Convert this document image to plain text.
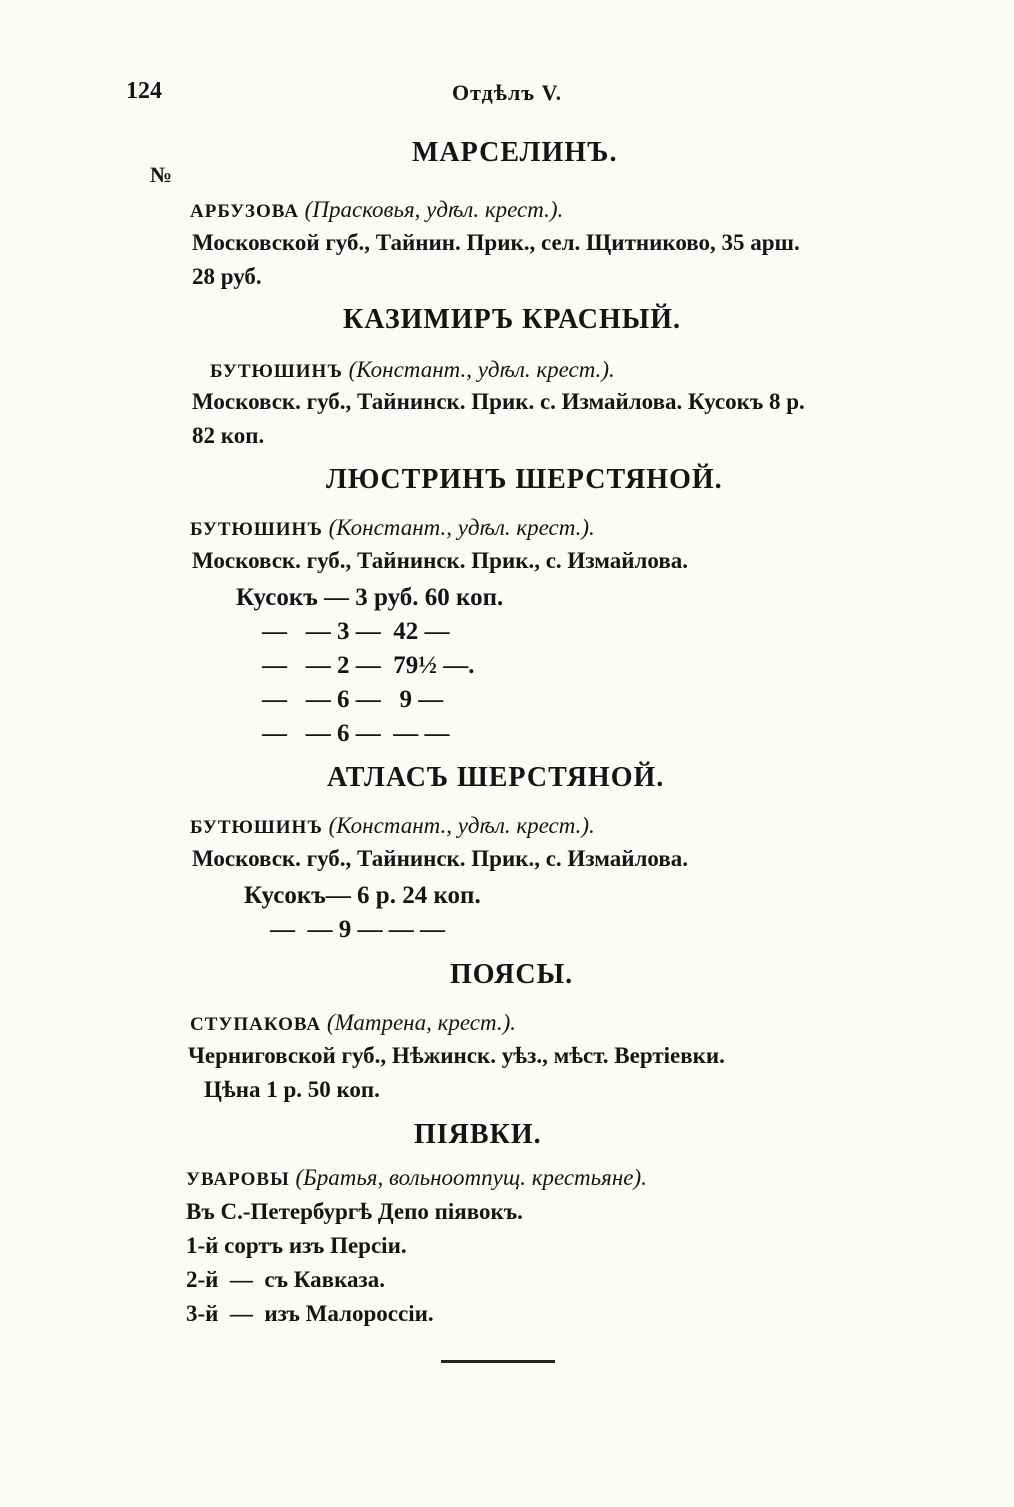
124	Отдѣлъ V.
№
МАРСЕЛИНЪ.
АРБУЗОВА (Прасковья, удѣл. крест.).
Московской губ., Тайнин. Прик., сел. Щитниково, 35 арш.
28 руб.
КАЗИМИРЪ КРАСНЫЙ.
БУТЮШИНЪ (Констант., удѣл. крест.).
Московск. губ., Тайнинск. Прик. с. Измайлова. Кусокъ 8 р.
82 коп.
ЛЮСТРИНЪ ШЕРСТЯНОЙ.
БУТЮШИНЪ (Констант., удѣл. крест.).
Московск. губ., Тайнинск. Прик., с. Измайлова.
Кусокъ — 3 руб. 60 коп.
—   — 3 —  42 —
—   — 2 —  79½ —.
—   — 6 —   9 —
—   — 6 —  — —
АТЛАСЪ ШЕРСТЯНОЙ.
БУТЮШИНЪ (Констант., удѣл. крест.).
Московск. губ., Тайнинск. Прик., с. Измайлова.
Кусокъ— 6 р. 24 коп.
—  — 9 — — —
ПОЯСЫ.
СТУПАКОВА (Матрена, крест.).
Черниговской губ., Нѣжинск. уѣз., мѣст. Вертіевки.
Цѣна 1 р. 50 коп.
ПІЯВКИ.
УВАРОВЫ (Братья, вольноотпущ. крестьяне).
Въ С.-Петербургѣ Депо піявокъ.
1-й сортъ изъ Персіи.
2-й  —  съ Кавказа.
3-й  —  изъ Малороссіи.
